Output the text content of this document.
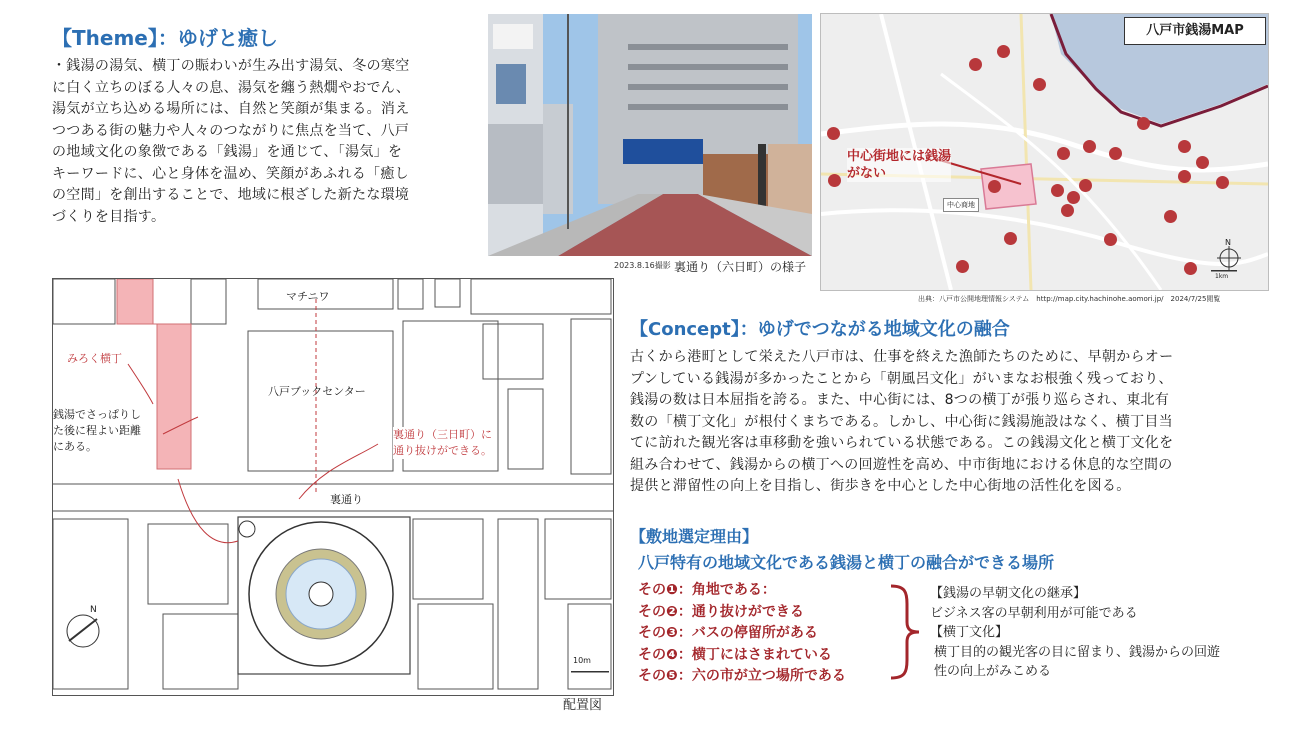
【Theme】：ゆげと癒し
・銭湯の湯気、横丁の賑わいが生み出す湯気、冬の寒空
に白く立ちのぼる人々の息、湯気を纏う熱燗やおでん、
湯気が立ち込める場所には、自然と笑顔が集まる。消え
つつある街の魅力や人々のつながりに焦点を当て、八戸
の地域文化の象徴である「銭湯」を通じて、「湯気」を
キーワードに、心と身体を温め、笑顔があふれる「癒し
の空間」を創出することで、地域に根ざした新たな環境
づくりを目指す。
2023.8.16撮影 裏通り（六日町）の様子
八戸市銭湯MAP
中心街地には銭湯
がない
中心商地
N
1km
出典：八戸市公開地理情報システム　http://map.city.hachinohe.aomori.jp/　2024/7/25閲覧
マチニワ
八戸ブックセンター
裏通り
みろく横丁
銭湯でさっぱりし
た後に程よい距離
にある。
裏通り（三日町）に
通り抜けができる。
10m
N
配置図
【Concept】：ゆげでつながる地域文化の融合
古くから港町として栄えた八戸市は、仕事を終えた漁師たちのために、早朝からオー
プンしている銭湯が多かったことから「朝風呂文化」がいまなお根強く残っており、
銭湯の数は日本屈指を誇る。また、中心街には、8つの横丁が張り巡らされ、東北有
数の「横丁文化」が根付くまちである。しかし、中心街に銭湯施設はなく、横丁目当
てに訪れた観光客は車移動を強いられている状態である。この銭湯文化と横丁文化を
組み合わせて、銭湯からの横丁への回遊性を高め、中市街地における休息的な空間の
提供と滞留性の向上を目指し、街歩きを中心とした中心街地の活性化を図る。
【敷地選定理由】
八戸特有の地域文化である銭湯と横丁の融合ができる場所
その❶：角地である：
その❷：通り抜けができる
その❸：バスの停留所がある
その❹：横丁にはさまれている
その❺：六の市が立つ場所である
【銭湯の早朝文化の継承】
ビジネス客の早朝利用が可能である
【横丁文化】
横丁目的の観光客の目に留まり、銭湯からの回遊
性の向上がみこめる
